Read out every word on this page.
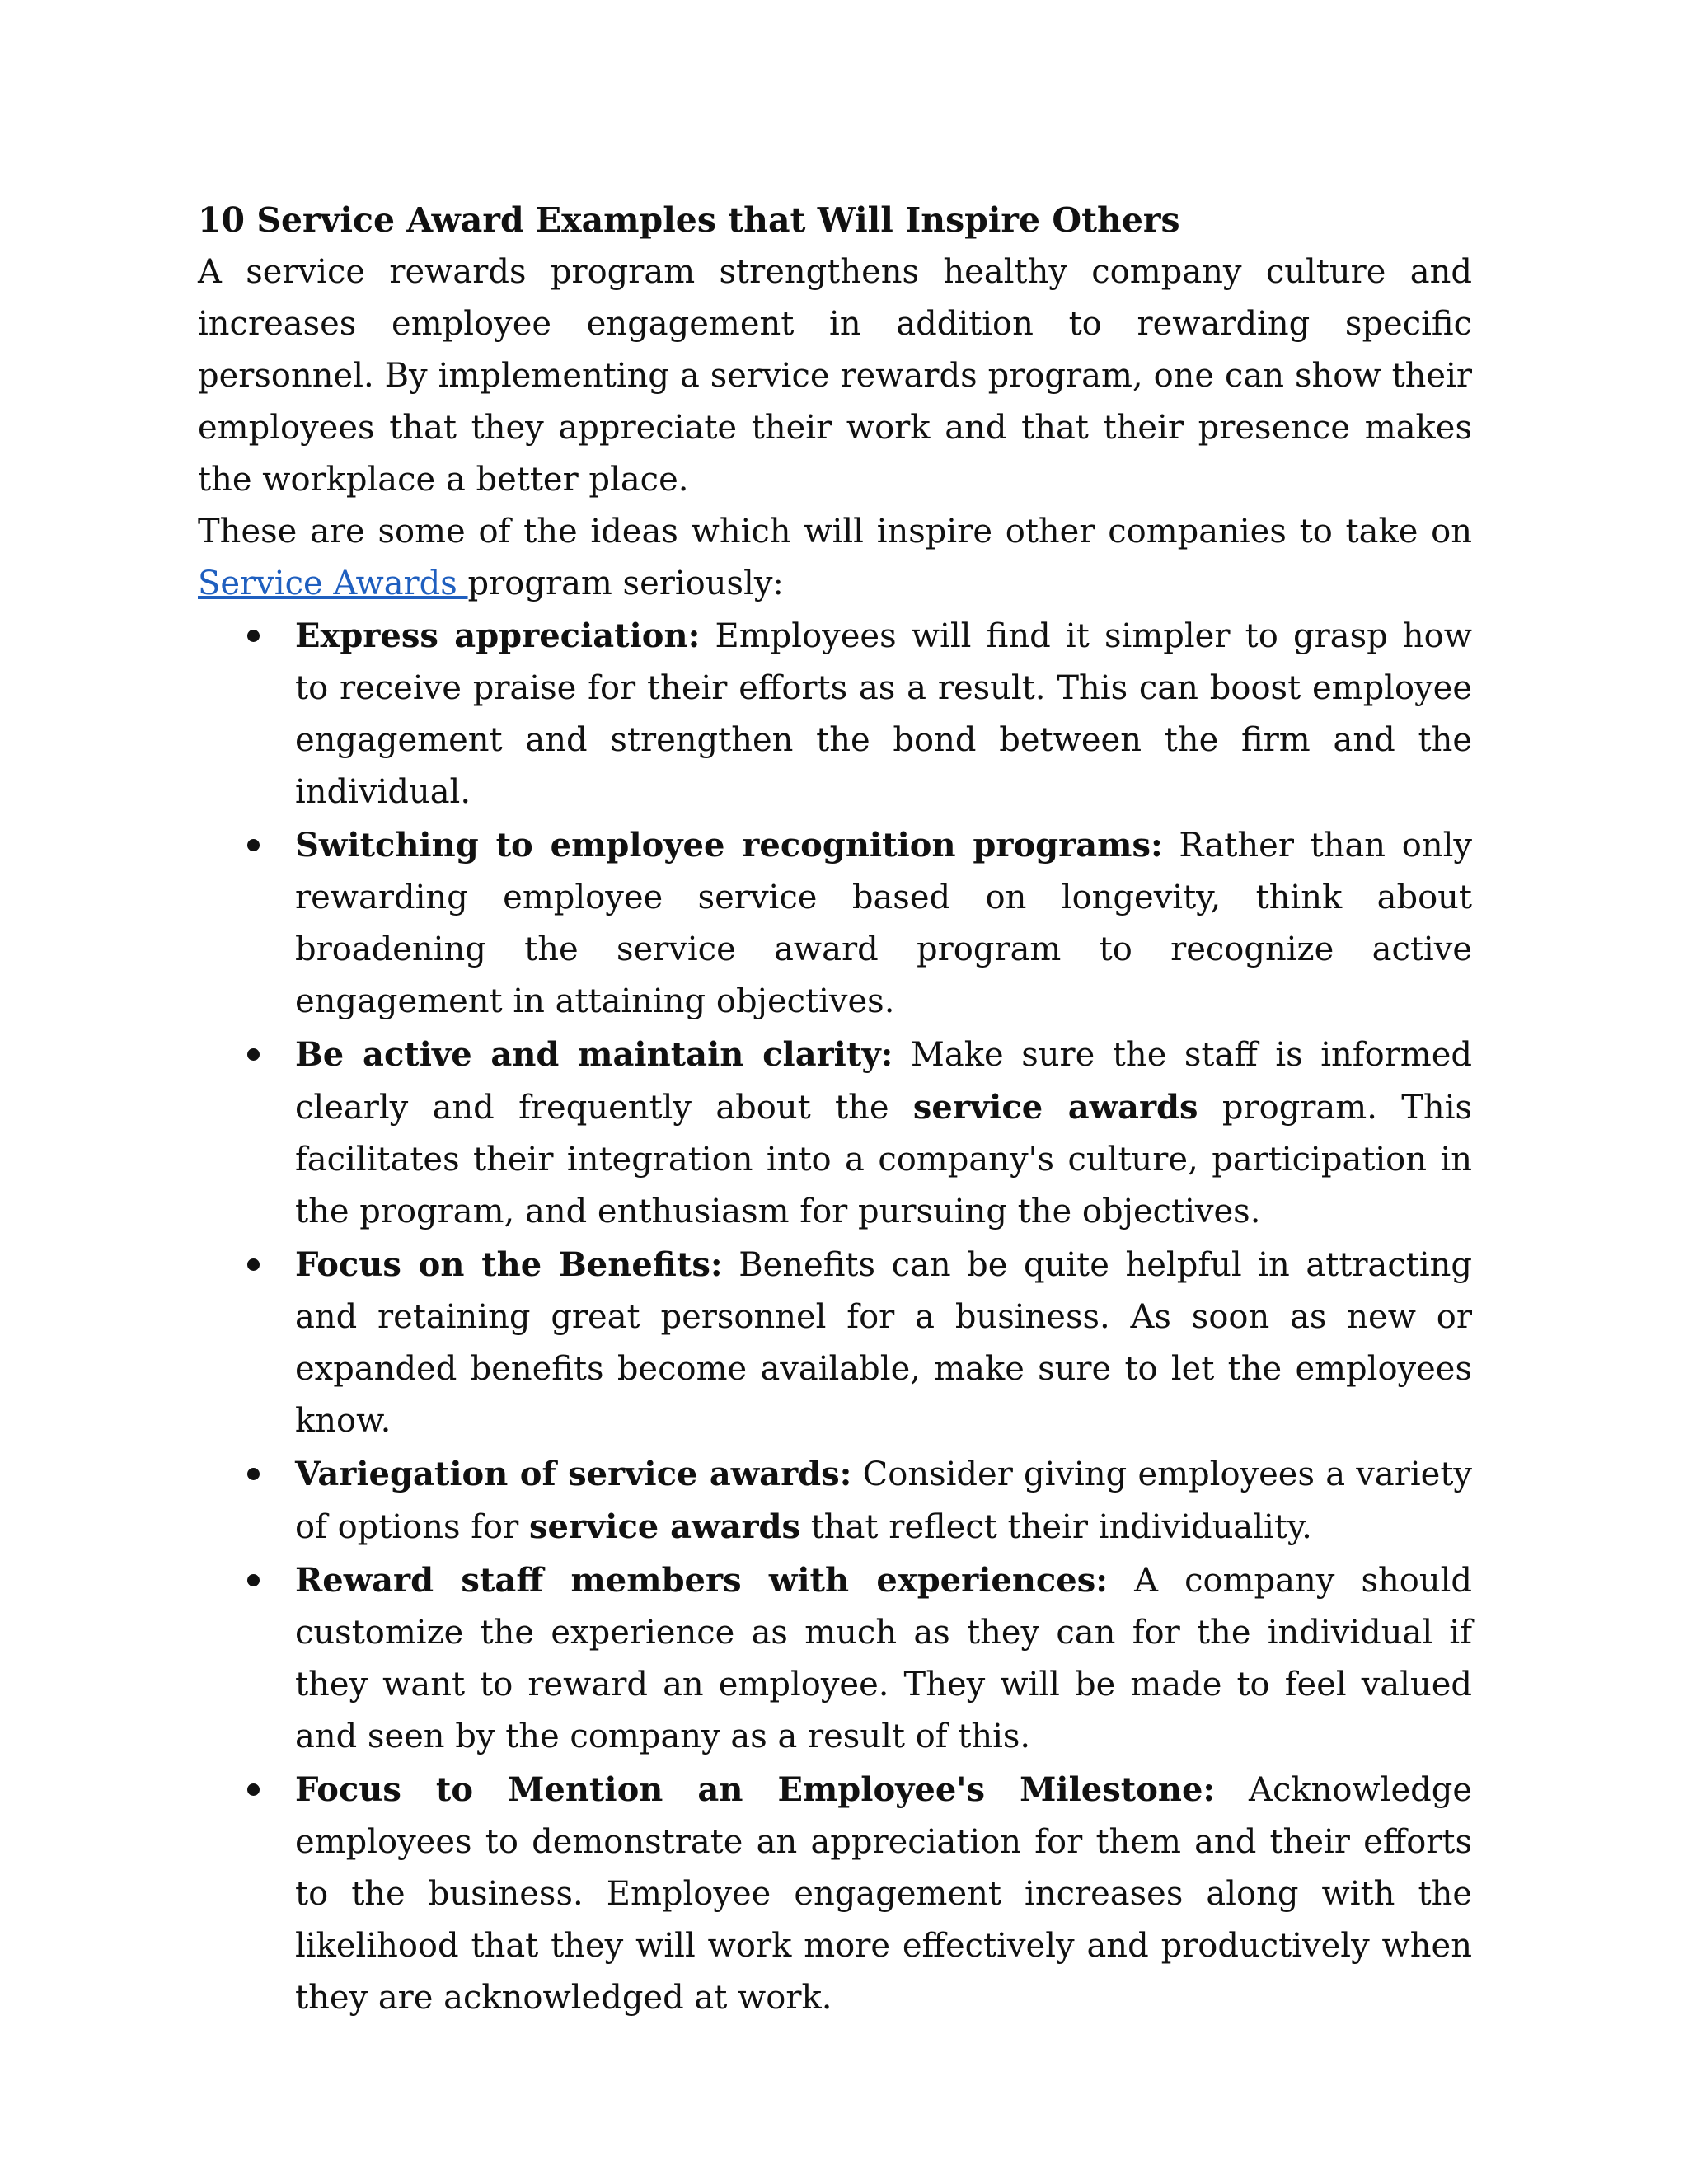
10 Service Award Examples that Will Inspire Others

A service rewards program strengthens healthy company culture and increases employee engagement in addition to rewarding specific personnel. By implementing a service rewards program, one can show their employees that they appreciate their work and that their presence makes the workplace a better place.

These are some of the ideas which will inspire other companies to take on Service Awards program seriously:

Express appreciation: Employees will find it simpler to grasp how to receive praise for their efforts as a result. This can boost employee engagement and strengthen the bond between the firm and the individual.
Switching to employee recognition programs: Rather than only rewarding employee service based on longevity, think about broadening the service award program to recognize active engagement in attaining objectives.
Be active and maintain clarity: Make sure the staff is informed clearly and frequently about the service awards program. This facilitates their integration into a company's culture, participation in the program, and enthusiasm for pursuing the objectives.
Focus on the Benefits: Benefits can be quite helpful in attracting and retaining great personnel for a business. As soon as new or expanded benefits become available, make sure to let the employees know.
Variegation of service awards: Consider giving employees a variety of options for service awards that reflect their individuality.
Reward staff members with experiences: A company should customize the experience as much as they can for the individual if they want to reward an employee. They will be made to feel valued and seen by the company as a result of this.
Focus to Mention an Employee's Milestone: Acknowledge employees to demonstrate an appreciation for them and their efforts to the business. Employee engagement increases along with the likelihood that they will work more effectively and productively when they are acknowledged at work.
